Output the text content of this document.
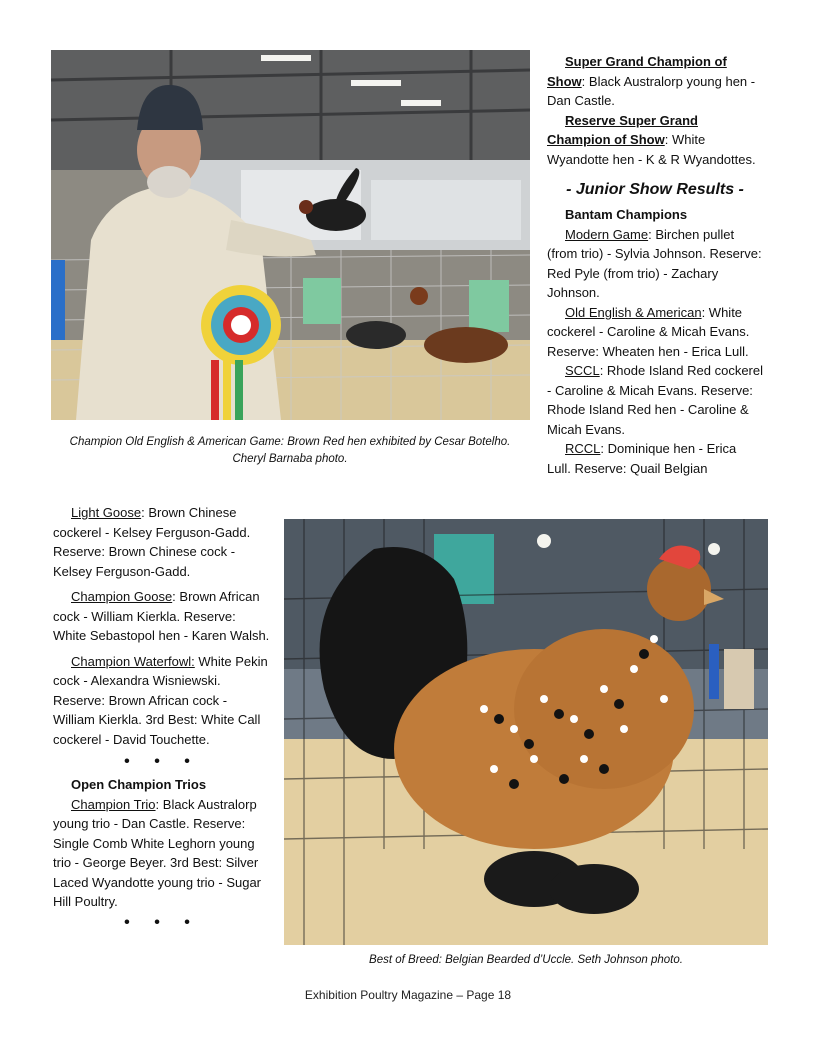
Champion Old English & American Game: Brown Red hen exhibited by Cesar Botelho. Cheryl Barnaba photo.

Super Grand Champion of Show: Black Australorp young hen - Dan Castle.

Reserve Super Grand Champion of Show: White Wyandotte hen - K & R Wyandottes.

- Junior Show Results -

Bantam Champions

Modern Game: Birchen pullet (from trio) - Sylvia Johnson. Reserve: Red Pyle (from trio) - Zachary Johnson.

Old English & American: White cockerel - Caroline & Micah Evans. Reserve: Wheaten hen - Erica Lull.

SCCL: Rhode Island Red cockerel - Caroline & Micah Evans. Reserve: Rhode Island Red hen - Caroline & Micah Evans.

RCCL: Dominique hen - Erica Lull. Reserve: Quail Belgian

Light Goose: Brown Chinese cockerel - Kelsey Ferguson-Gadd. Reserve: Brown Chinese cock - Kelsey Ferguson-Gadd.

Champion Goose: Brown African cock - William Kierkla. Reserve: White Sebastopol hen - Karen Walsh.

Champion Waterfowl: White Pekin cock - Alexandra Wisniewski. Reserve: Brown African cock - William Kierkla. 3rd Best: White Call cockerel - David Touchette.

• • •

Open Champion Trios

Champion Trio: Black Australorp young trio - Dan Castle. Reserve: Single Comb White Leghorn young trio - George Beyer. 3rd Best: Silver Laced Wyandotte young trio - Sugar Hill Poultry.

• • •
Best of Breed: Belgian Bearded d’Uccle. Seth Johnson photo.
Exhibition Poultry Magazine – Page 18
